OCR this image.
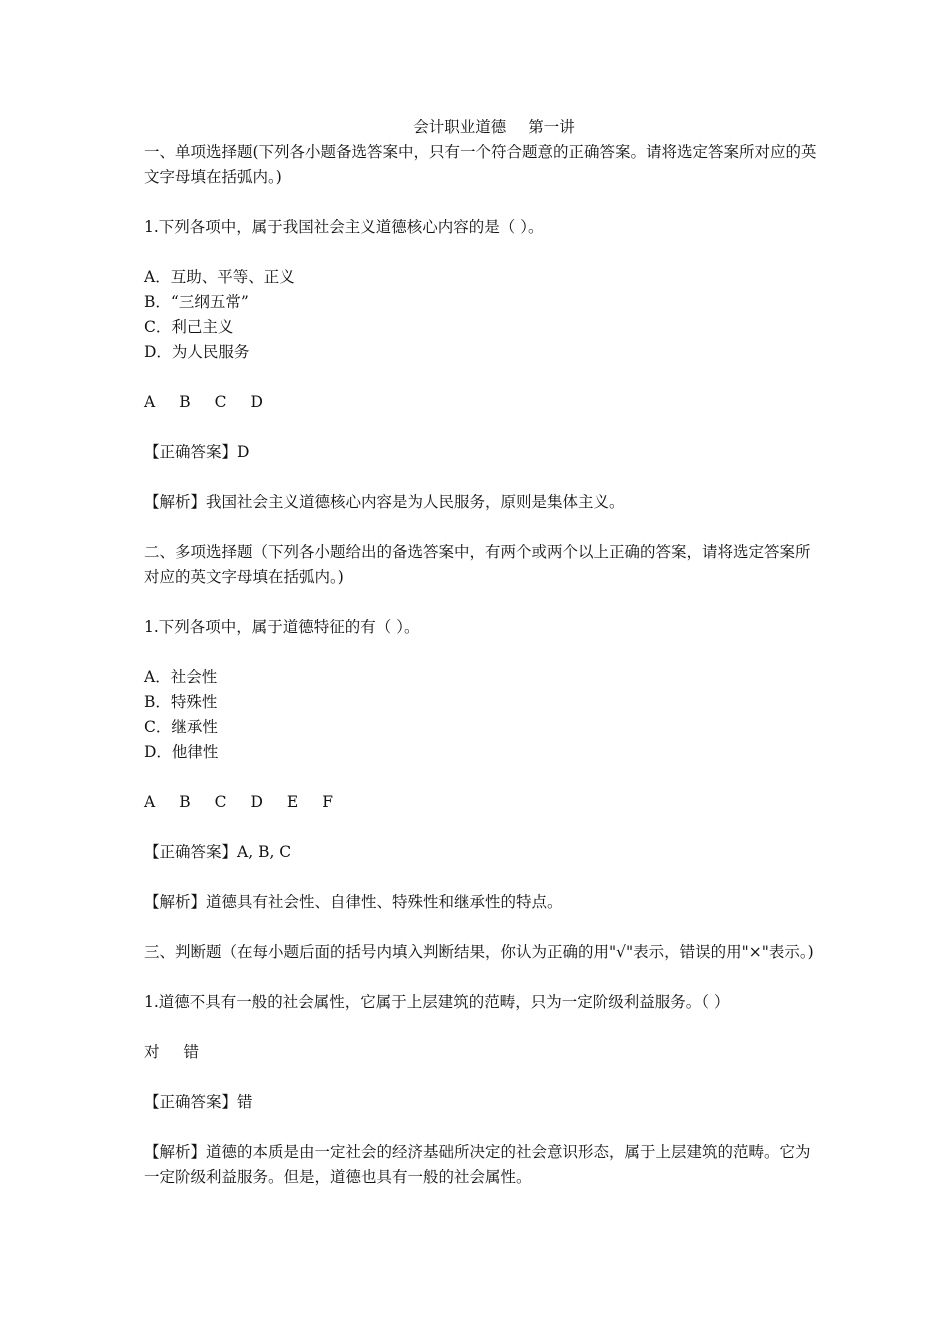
会计职业道德 第一讲

一、单项选择题(下列各小题备选答案中，只有一个符合题意的正确答案。请将选定答案所对应的英文字母填在括弧内。)

1.下列各项中，属于我国社会主义道德核心内容的是（ ）。

A．互助、平等、正义

B．“三纲五常”

C．利己主义

D．为人民服务

A B C D

【正确答案】D

【解析】我国社会主义道德核心内容是为人民服务，原则是集体主义。

二、多项选择题（下列各小题给出的备选答案中，有两个或两个以上正确的答案，请将选定答案所对应的英文字母填在括弧内。)

1.下列各项中，属于道德特征的有（ ）。

A．社会性

B．特殊性

C．继承性

D．他律性

A B C D E F

【正确答案】A, B, C

【解析】道德具有社会性、自律性、特殊性和继承性的特点。

三、判断题（在每小题后面的括号内填入判断结果，你认为正确的用"√"表示，错误的用"×"表示。)

1.道德不具有一般的社会属性，它属于上层建筑的范畴，只为一定阶级利益服务。（ ）

对 错

【正确答案】错

【解析】道德的本质是由一定社会的经济基础所决定的社会意识形态，属于上层建筑的范畴。它为一定阶级利益服务。但是，道德也具有一般的社会属性。
